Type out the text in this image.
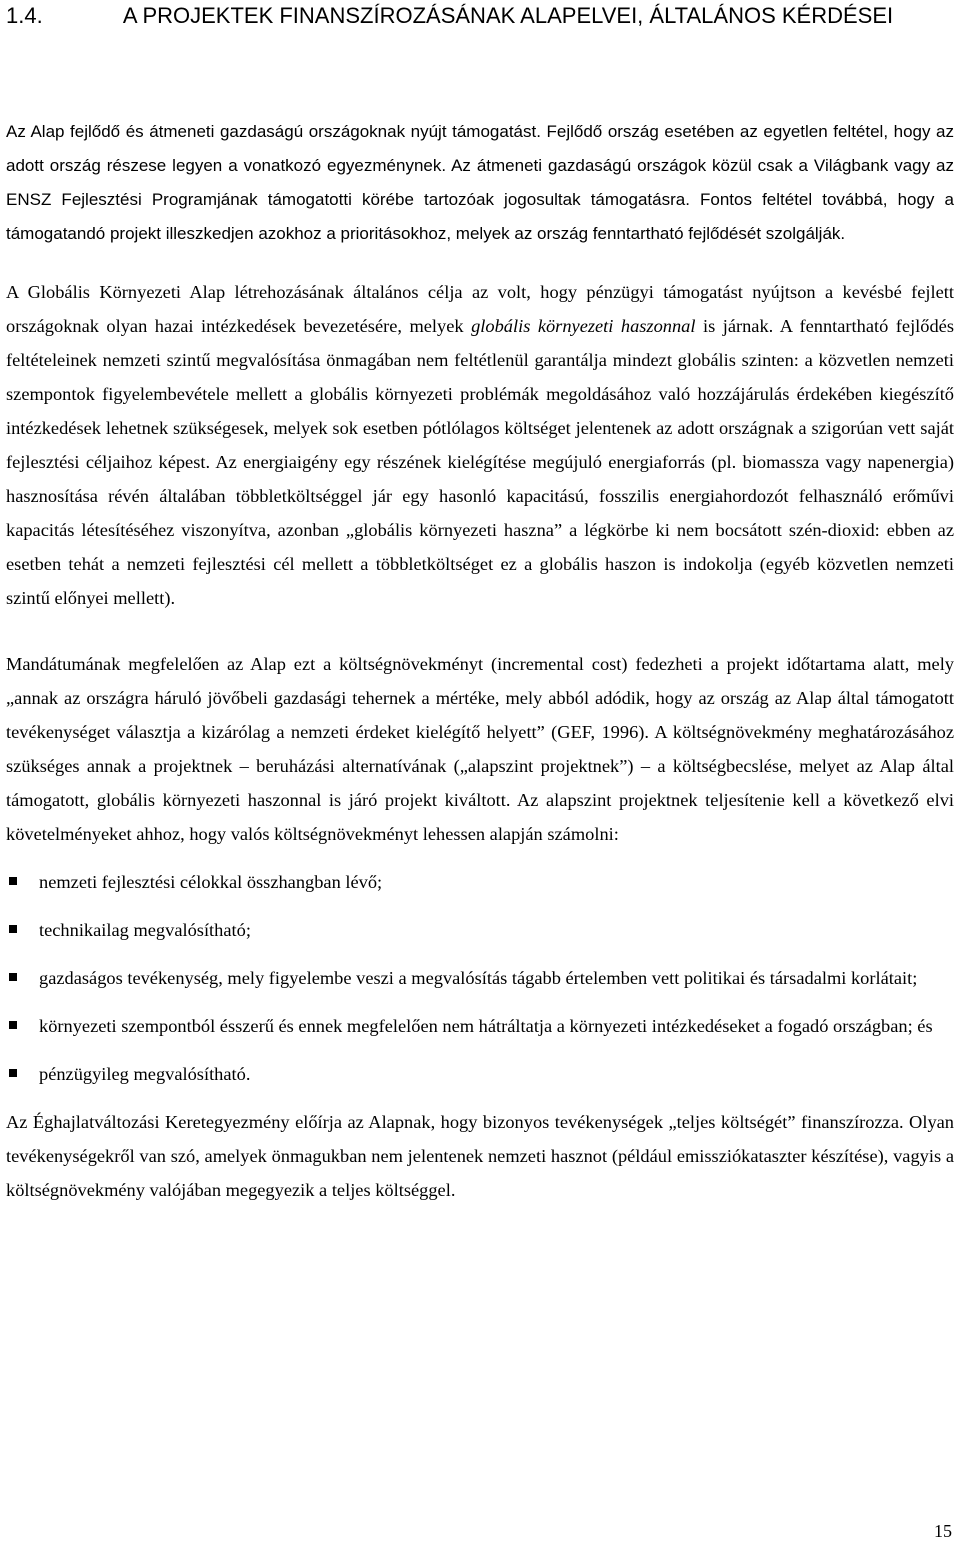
1.4.	A PROJEKTEK FINANSZÍROZÁSÁNAK ALAPELVEI, ÁLTALÁNOS KÉRDÉSEI

Az Alap fejlődő és átmeneti gazdaságú országoknak nyújt támogatást. Fejlődő ország esetében az egyetlen feltétel, hogy az adott ország részese legyen a vonatkozó egyezménynek. Az átmeneti gazdaságú országok közül csak a Világbank vagy az ENSZ Fejlesztési Programjának támogatotti körébe tartozóak jogosultak támogatásra. Fontos feltétel továbbá, hogy a támogatandó projekt illeszkedjen azokhoz a prioritásokhoz, melyek az ország fenntartható fejlődését szolgálják.

A Globális Környezeti Alap létrehozásának általános célja az volt, hogy pénzügyi támogatást nyújtson a kevésbé fejlett országoknak olyan hazai intézkedések bevezetésére, melyek globális környezeti haszonnal is járnak. A fenntartható fejlődés feltételeinek nemzeti szintű megvalósítása önmagában nem feltétlenül garantálja mindezt globális szinten: a közvetlen nemzeti szempontok figyelembevétele mellett a globális környezeti problémák megoldásához való hozzájárulás érdekében kiegészítő intézkedések lehetnek szükségesek, melyek sok esetben pótlólagos költséget jelentenek az adott országnak a szigorúan vett saját fejlesztési céljaihoz képest. Az energiaigény egy részének kielégítése megújuló energiaforrás (pl. biomassza vagy napenergia) hasznosítása révén általában többletköltséggel jár egy hasonló kapacitású, fosszilis energiahordozót felhasználó erőművi kapacitás létesítéséhez viszonyítva, azonban „globális környezeti haszna” a légkörbe ki nem bocsátott szén-dioxid: ebben az esetben tehát a nemzeti fejlesztési cél mellett a többletköltséget ez a globális haszon is indokolja (egyéb közvetlen nemzeti szintű előnyei mellett).

Mandátumának megfelelően az Alap ezt a költségnövekményt (incremental cost) fedezheti a projekt időtartama alatt, mely „annak az országra háruló jövőbeli gazdasági tehernek a mértéke, mely abból adódik, hogy az ország az Alap által támogatott tevékenységet választja a kizárólag a nemzeti érdeket kielégítő helyett” (GEF, 1996). A költségnövekmény meghatározásához szükséges annak a projektnek – beruházási alternatívának („alapszint projektnek”) – a költségbecslése, melyet az Alap által támogatott, globális környezeti haszonnal is járó projekt kiváltott. Az alapszint projektnek teljesítenie kell a következő elvi követelményeket ahhoz, hogy valós költségnövekményt lehessen alapján számolni:

nemzeti fejlesztési célokkal összhangban lévő;
technikailag megvalósítható;
gazdaságos tevékenység, mely figyelembe veszi a megvalósítás tágabb értelemben vett politikai és társadalmi korlátait;
környezeti szempontból ésszerű és ennek megfelelően nem hátráltatja a környezeti intézkedéseket a fogadó országban; és
pénzügyileg megvalósítható.

Az Éghajlatváltozási Keretegyezmény előírja az Alapnak, hogy bizonyos tevékenységek „teljes költségét” finanszírozza. Olyan tevékenységekről van szó, amelyek önmagukban nem jelentenek nemzeti hasznot (például emissziókataszter készítése), vagyis a költségnövekmény valójában megegyezik a teljes költséggel.

15
